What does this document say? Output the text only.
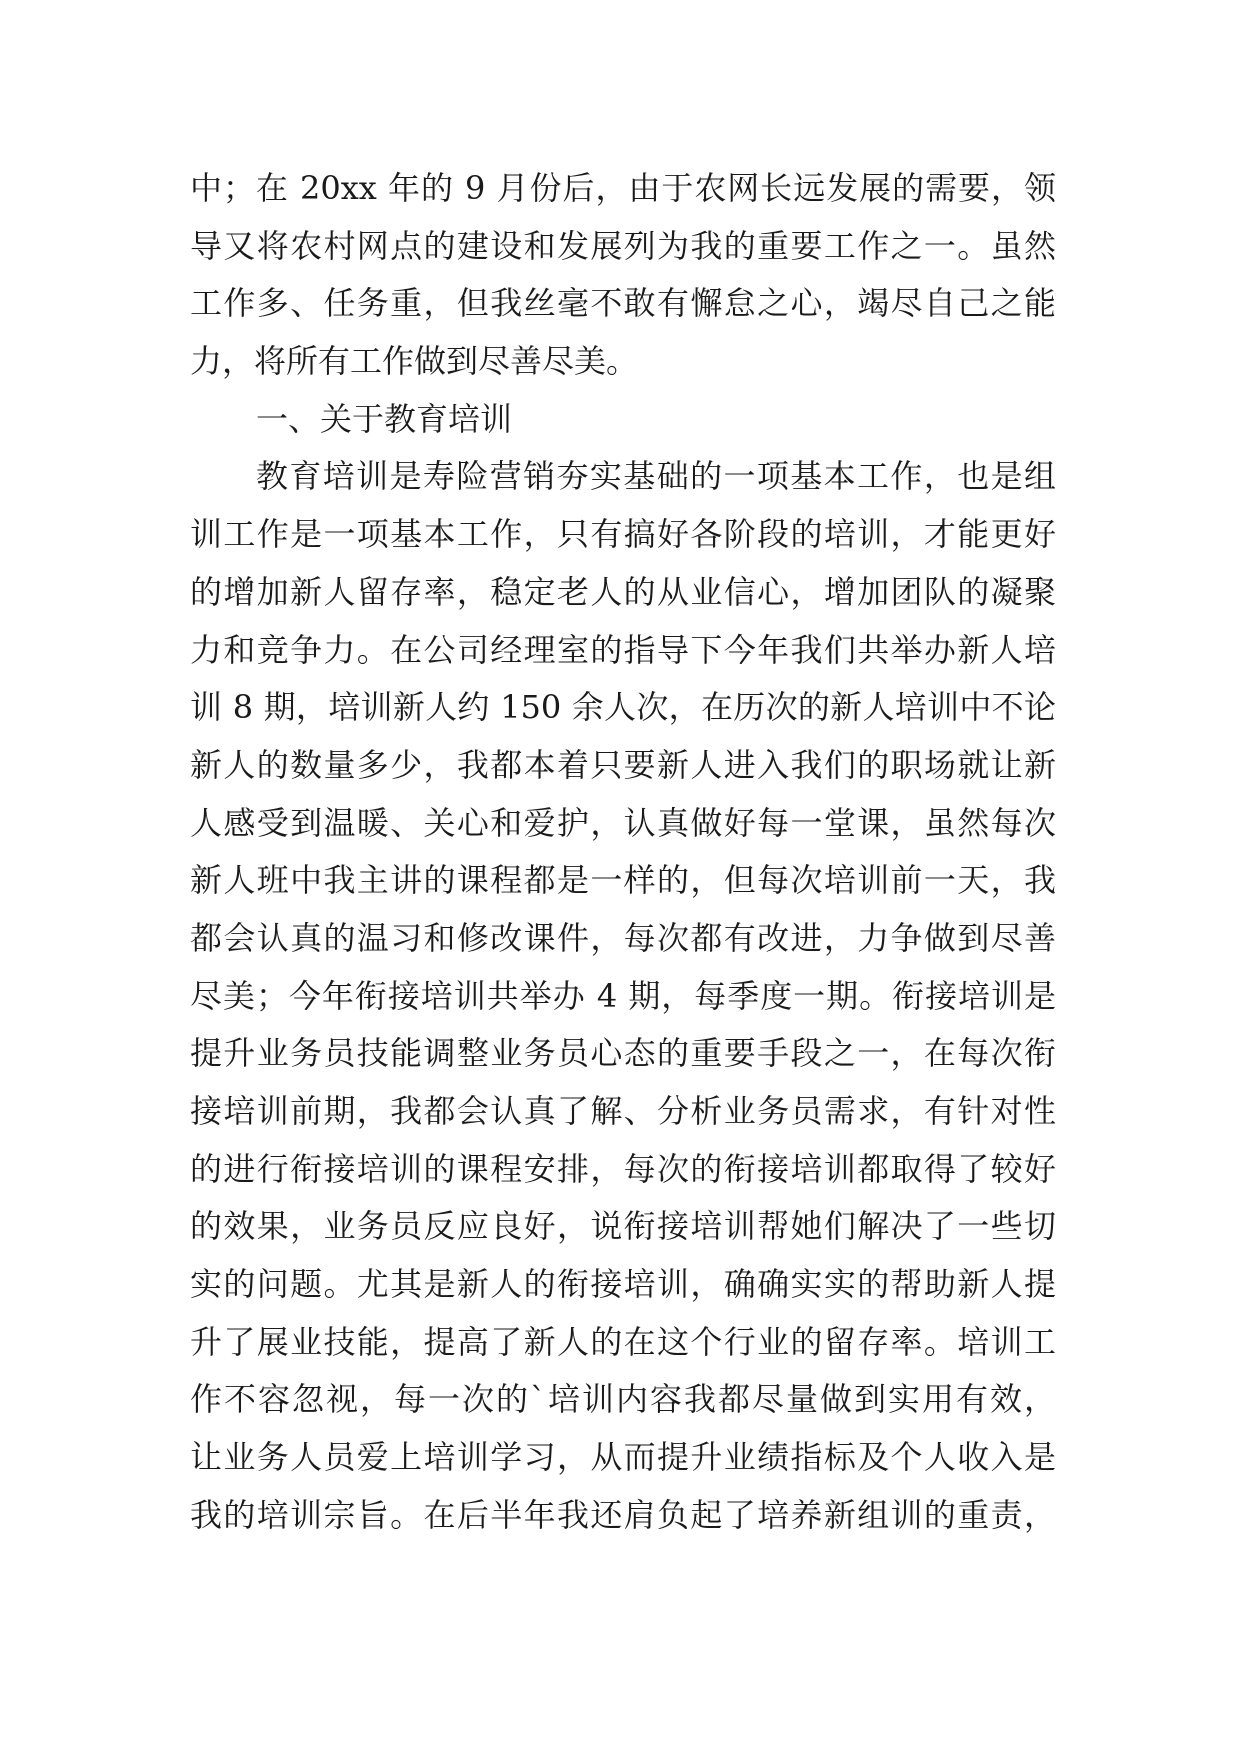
中；在 20xx 年的 9 月份后，由于农网长远发展的需要，领
导又将农村网点的建设和发展列为我的重要工作之一。虽然
工作多、任务重，但我丝毫不敢有懈怠之心，竭尽自己之能
力，将所有工作做到尽善尽美。
一、关于教育培训
教育培训是寿险营销夯实基础的一项基本工作，也是组
训工作是一项基本工作，只有搞好各阶段的培训，才能更好
的增加新人留存率，稳定老人的从业信心，增加团队的凝聚
力和竞争力。在公司经理室的指导下今年我们共举办新人培
训 8 期，培训新人约 150 余人次，在历次的新人培训中不论
新人的数量多少，我都本着只要新人进入我们的职场就让新
人感受到温暖、关心和爱护，认真做好每一堂课，虽然每次
新人班中我主讲的课程都是一样的，但每次培训前一天，我
都会认真的温习和修改课件，每次都有改进，力争做到尽善
尽美；今年衔接培训共举办 4 期，每季度一期。衔接培训是
提升业务员技能调整业务员心态的重要手段之一，在每次衔
接培训前期，我都会认真了解、分析业务员需求，有针对性
的进行衔接培训的课程安排，每次的衔接培训都取得了较好
的效果，业务员反应良好，说衔接培训帮她们解决了一些切
实的问题。尤其是新人的衔接培训，确确实实的帮助新人提
升了展业技能，提高了新人的在这个行业的留存率。培训工
作不容忽视，每一次的`培训内容我都尽量做到实用有效，
让业务人员爱上培训学习，从而提升业绩指标及个人收入是
我的培训宗旨。在后半年我还肩负起了培养新组训的重责，
